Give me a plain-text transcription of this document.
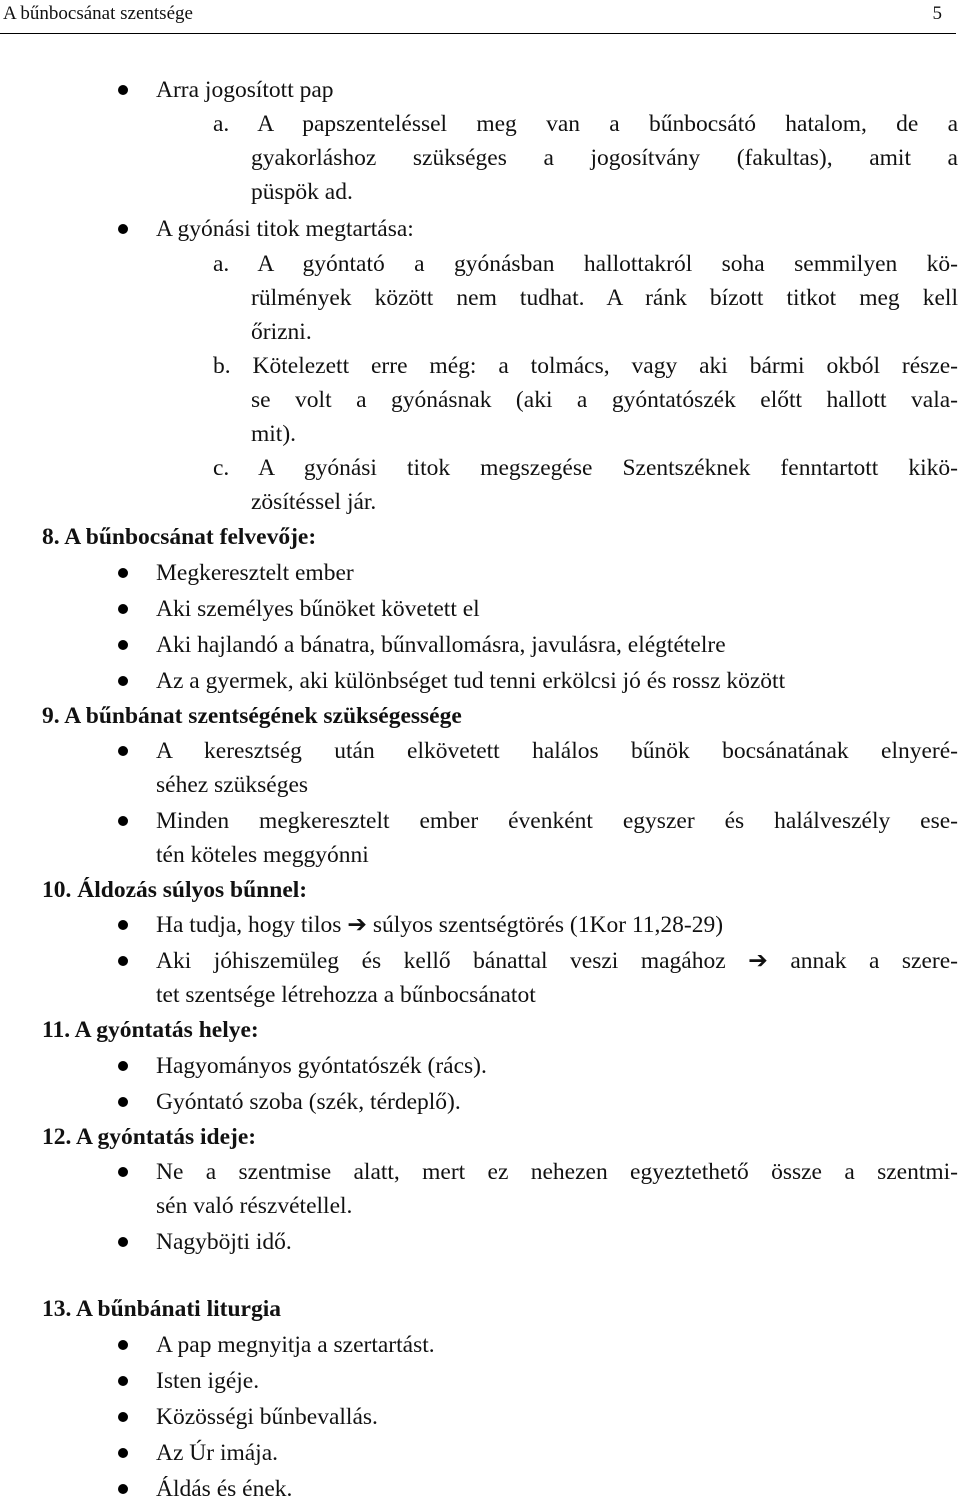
A bűnbocsánat szentsége	5
Arra jogosított pap
a. A papszenteléssel meg van a bűnbocsátó hatalom, de a
gyakorláshoz szükséges a jogosítvány (fakultas), amit a
püspök ad.
A gyónási titok megtartása:
a. A gyóntató a gyónásban hallottakról soha semmilyen kö-
rülmények között nem tudhat. A ránk bízott titkot meg kell
őrizni.
b. Kötelezett erre még: a tolmács, vagy aki bármi okból része-
se volt a gyónásnak (aki a gyóntatószék előtt hallott vala-
mit).
c. A gyónási titok megszegése Szentszéknek fenntartott kikö-
zösítéssel jár.
8. A bűnbocsánat felvevője:
Megkeresztelt ember
Aki személyes bűnöket követett el
Aki hajlandó a bánatra, bűnvallomásra, javulásra, elégtételre
Az a gyermek, aki különbséget tud tenni erkölcsi jó és rossz között
9. A bűnbánat szentségének szükségessége
A keresztség után elkövetett halálos bűnök bocsánatának elnyeré-
séhez szükséges
Minden megkeresztelt ember évenként egyszer és halálveszély ese-
tén köteles meggyónni
10. Áldozás súlyos bűnnel:
Ha tudja, hogy tilos ➔ súlyos szentségtörés (1Kor 11,28-29)
Aki jóhiszemüleg és kellő bánattal veszi magához ➔ annak a szere-
tet szentsége létrehozza a bűnbocsánatot
11. A gyóntatás helye:
Hagyományos gyóntatószék (rács).
Gyóntató szoba (szék, térdeplő).
12. A gyóntatás ideje:
Ne a szentmise alatt, mert ez nehezen egyeztethető össze a szentmi-
sén való részvétellel.
Nagyböjti idő.
13. A bűnbánati liturgia
A pap megnyitja a szertartást.
Isten igéje.
Közösségi bűnbevallás.
Az Úr imája.
Áldás és ének.
